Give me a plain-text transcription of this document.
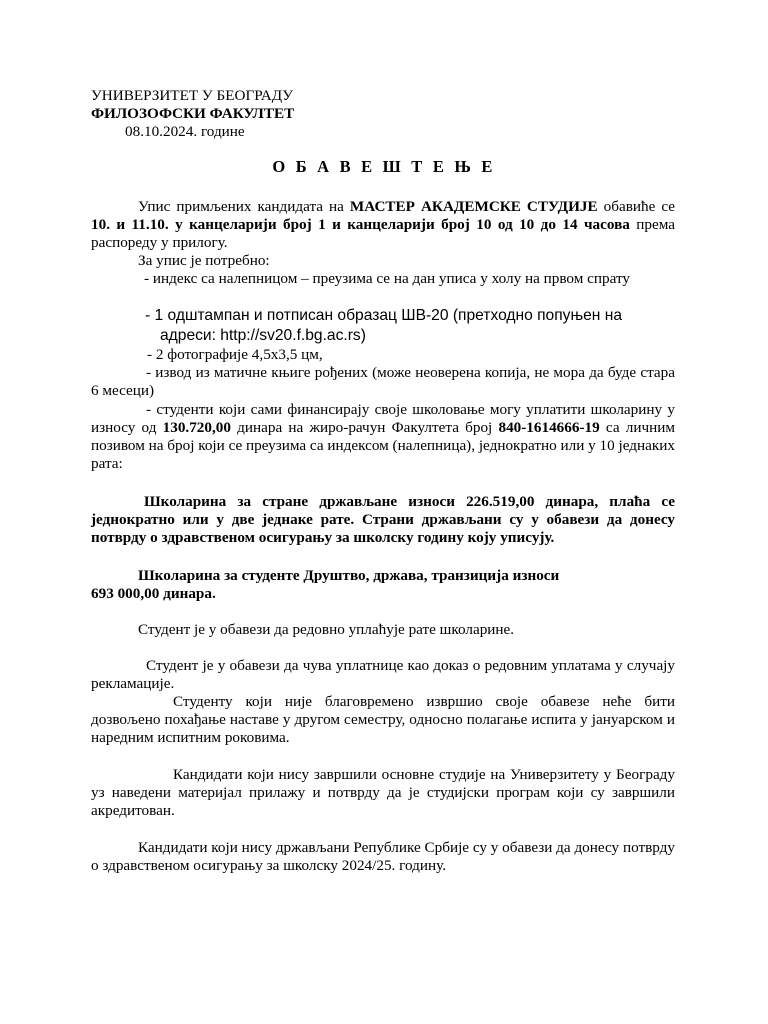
УНИВЕРЗИТЕТ У БЕОГРАДУ
ФИЛОЗОФСКИ ФАКУЛТЕТ
08.10.2024. године
О Б А В Е Ш Т Е Њ Е
Упис примљених кандидата на МАСТЕР АКАДЕМСКЕ СТУДИЈЕ обавиће се 10. и 11.10. у канцеларији број 1 и канцеларији број 10 од 10 до 14 часова према распореду у прилогу.
За упис је потребно:
- индекс са налепницом – преузима се на дан уписа у холу на првом спрату
- 1 одштампан и потписан образац ШВ-20 (претходно попуњен на
адреси: http://sv20.f.bg.ac.rs)
- 2 фотографије 4,5x3,5 цм,
- извод из матичне књиге рођених (може неоверена копија, не мора да буде стара 6 месеци)
- студенти који сами финансирају своје школовање могу уплатити школарину у износу од 130.720,00 динара на жиро-рачун Факултета број 840-1614666-19 са личним позивом на број који се преузима са индексом (налепница), једнократно или у 10 једнаких рата:
Школарина за стране држављане износи 226.519,00 динара, плаћа се једнократно или у две једнаке рате. Страни држављани су у обавези да донесу потврду о здравственом осигурању за школску годину коју уписују.
Школарина за студенте Друштво, држава, транзиција износи
693 000,00 динара.
Студент је у обавези да редовно уплаћује рате школарине.
Студент је у обавези да чува уплатнице као доказ о редовним уплатама у случају рекламације.
Студенту који није благовремено извршио своје обавезе неће бити дозвољено похађање наставе у другом семестру, односно полагање испита у јануарском и наредним испитним роковима.
Кандидати који нису завршили основне студије на Универзитету у Београду уз наведени материјал прилажу и потврду да је студијски програм који су завршили акредитован.
Кандидати који нису држављани Републике Србије су у обавези да донесу потврду о здравственом осигурању за школску 2024/25. годину.
